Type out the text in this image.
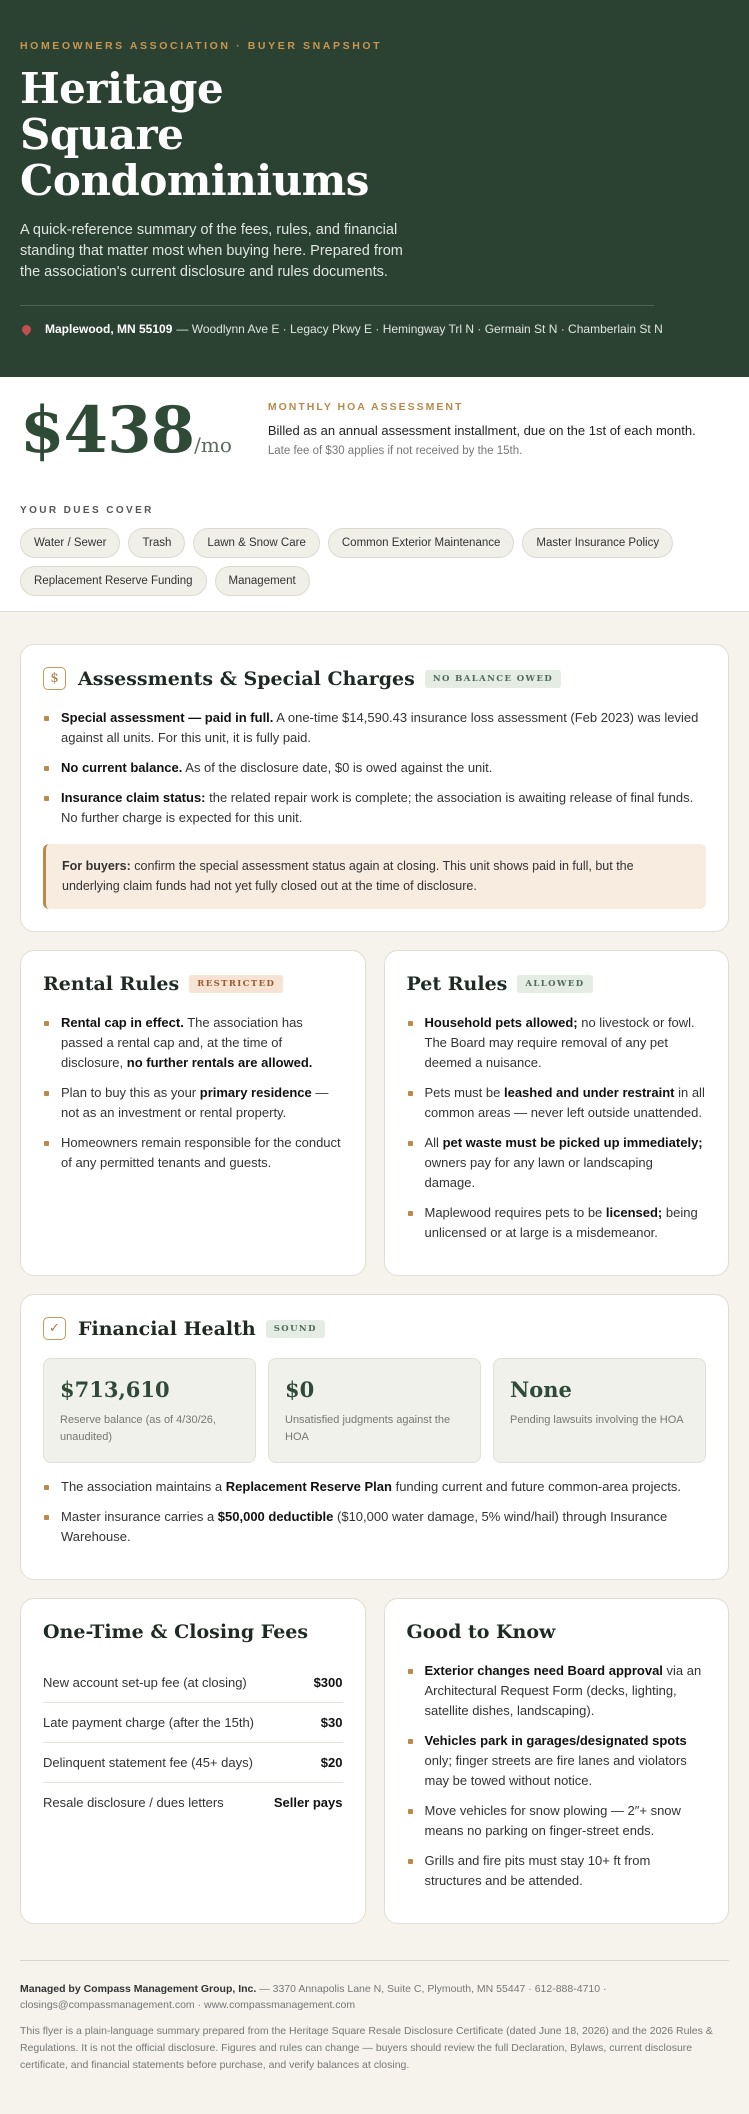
HOMEOWNERS ASSOCIATION · BUYER SNAPSHOT
Heritage
Square
Condominiums

A quick-reference summary of the fees, rules, and financial standing that matter most when buying here. Prepared from the association's current disclosure and rules documents.

Maplewood, MN 55109 — Woodlynn Ave E · Legacy Pkwy E · Hemingway Trl N · Germain St N · Chamberlain St N
$438/mo
MONTHLY HOA ASSESSMENT
Billed as an annual assessment installment, due on the 1st of each month.
Late fee of $30 applies if not received by the 15th.
YOUR DUES COVER
Water / Sewer	Trash	Lawn & Snow Care	Common Exterior Maintenance	Master Insurance Policy
Replacement Reserve Funding	Management
$	Assessments & Special Charges	NO BALANCE OWED
Special assessment — paid in full. A one-time $14,590.43 insurance loss assessment (Feb 2023) was levied against all units. For this unit, it is fully paid.
No current balance. As of the disclosure date, $0 is owed against the unit.
Insurance claim status: the related repair work is complete; the association is awaiting release of final funds. No further charge is expected for this unit.
For buyers: confirm the special assessment status again at closing. This unit shows paid in full, but the underlying claim funds had not yet fully closed out at the time of disclosure.
Rental Rules	RESTRICTED
Rental cap in effect. The association has passed a rental cap and, at the time of disclosure, no further rentals are allowed.
Plan to buy this as your primary residence — not as an investment or rental property.
Homeowners remain responsible for the conduct of any permitted tenants and guests.
Pet Rules	ALLOWED
Household pets allowed; no livestock or fowl. The Board may require removal of any pet deemed a nuisance.
Pets must be leashed and under restraint in all common areas — never left outside unattended.
All pet waste must be picked up immediately; owners pay for any lawn or landscaping damage.
Maplewood requires pets to be licensed; being unlicensed or at large is a misdemeanor.
✓ Financial Health	SOUND
$713,610
Reserve balance (as of 4/30/26, unaudited)
$0
Unsatisfied judgments against the HOA
None
Pending lawsuits involving the HOA
The association maintains a Replacement Reserve Plan funding current and future common-area projects.
Master insurance carries a $50,000 deductible ($10,000 water damage, 5% wind/hail) through Insurance Warehouse.
One-Time & Closing Fees
New account set-up fee (at closing)	$300
Late payment charge (after the 15th)	$30
Delinquent statement fee (45+ days)	$20
Resale disclosure / dues letters	Seller pays
Good to Know
Exterior changes need Board approval via an Architectural Request Form (decks, lighting, satellite dishes, landscaping).
Vehicles park in garages/designated spots only; finger streets are fire lanes and violators may be towed without notice.
Move vehicles for snow plowing — 2″+ snow means no parking on finger-street ends.
Grills and fire pits must stay 10+ ft from structures and be attended.

Managed by Compass Management Group, Inc. — 3370 Annapolis Lane N, Suite C, Plymouth, MN 55447 · 612-888-4710 · closings@compassmanagement.com · www.compassmanagement.com

This flyer is a plain-language summary prepared from the Heritage Square Resale Disclosure Certificate (dated June 18, 2026) and the 2026 Rules & Regulations. It is not the official disclosure. Figures and rules can change — buyers should review the full Declaration, Bylaws, current disclosure certificate, and financial statements before purchase, and verify balances at closing.
